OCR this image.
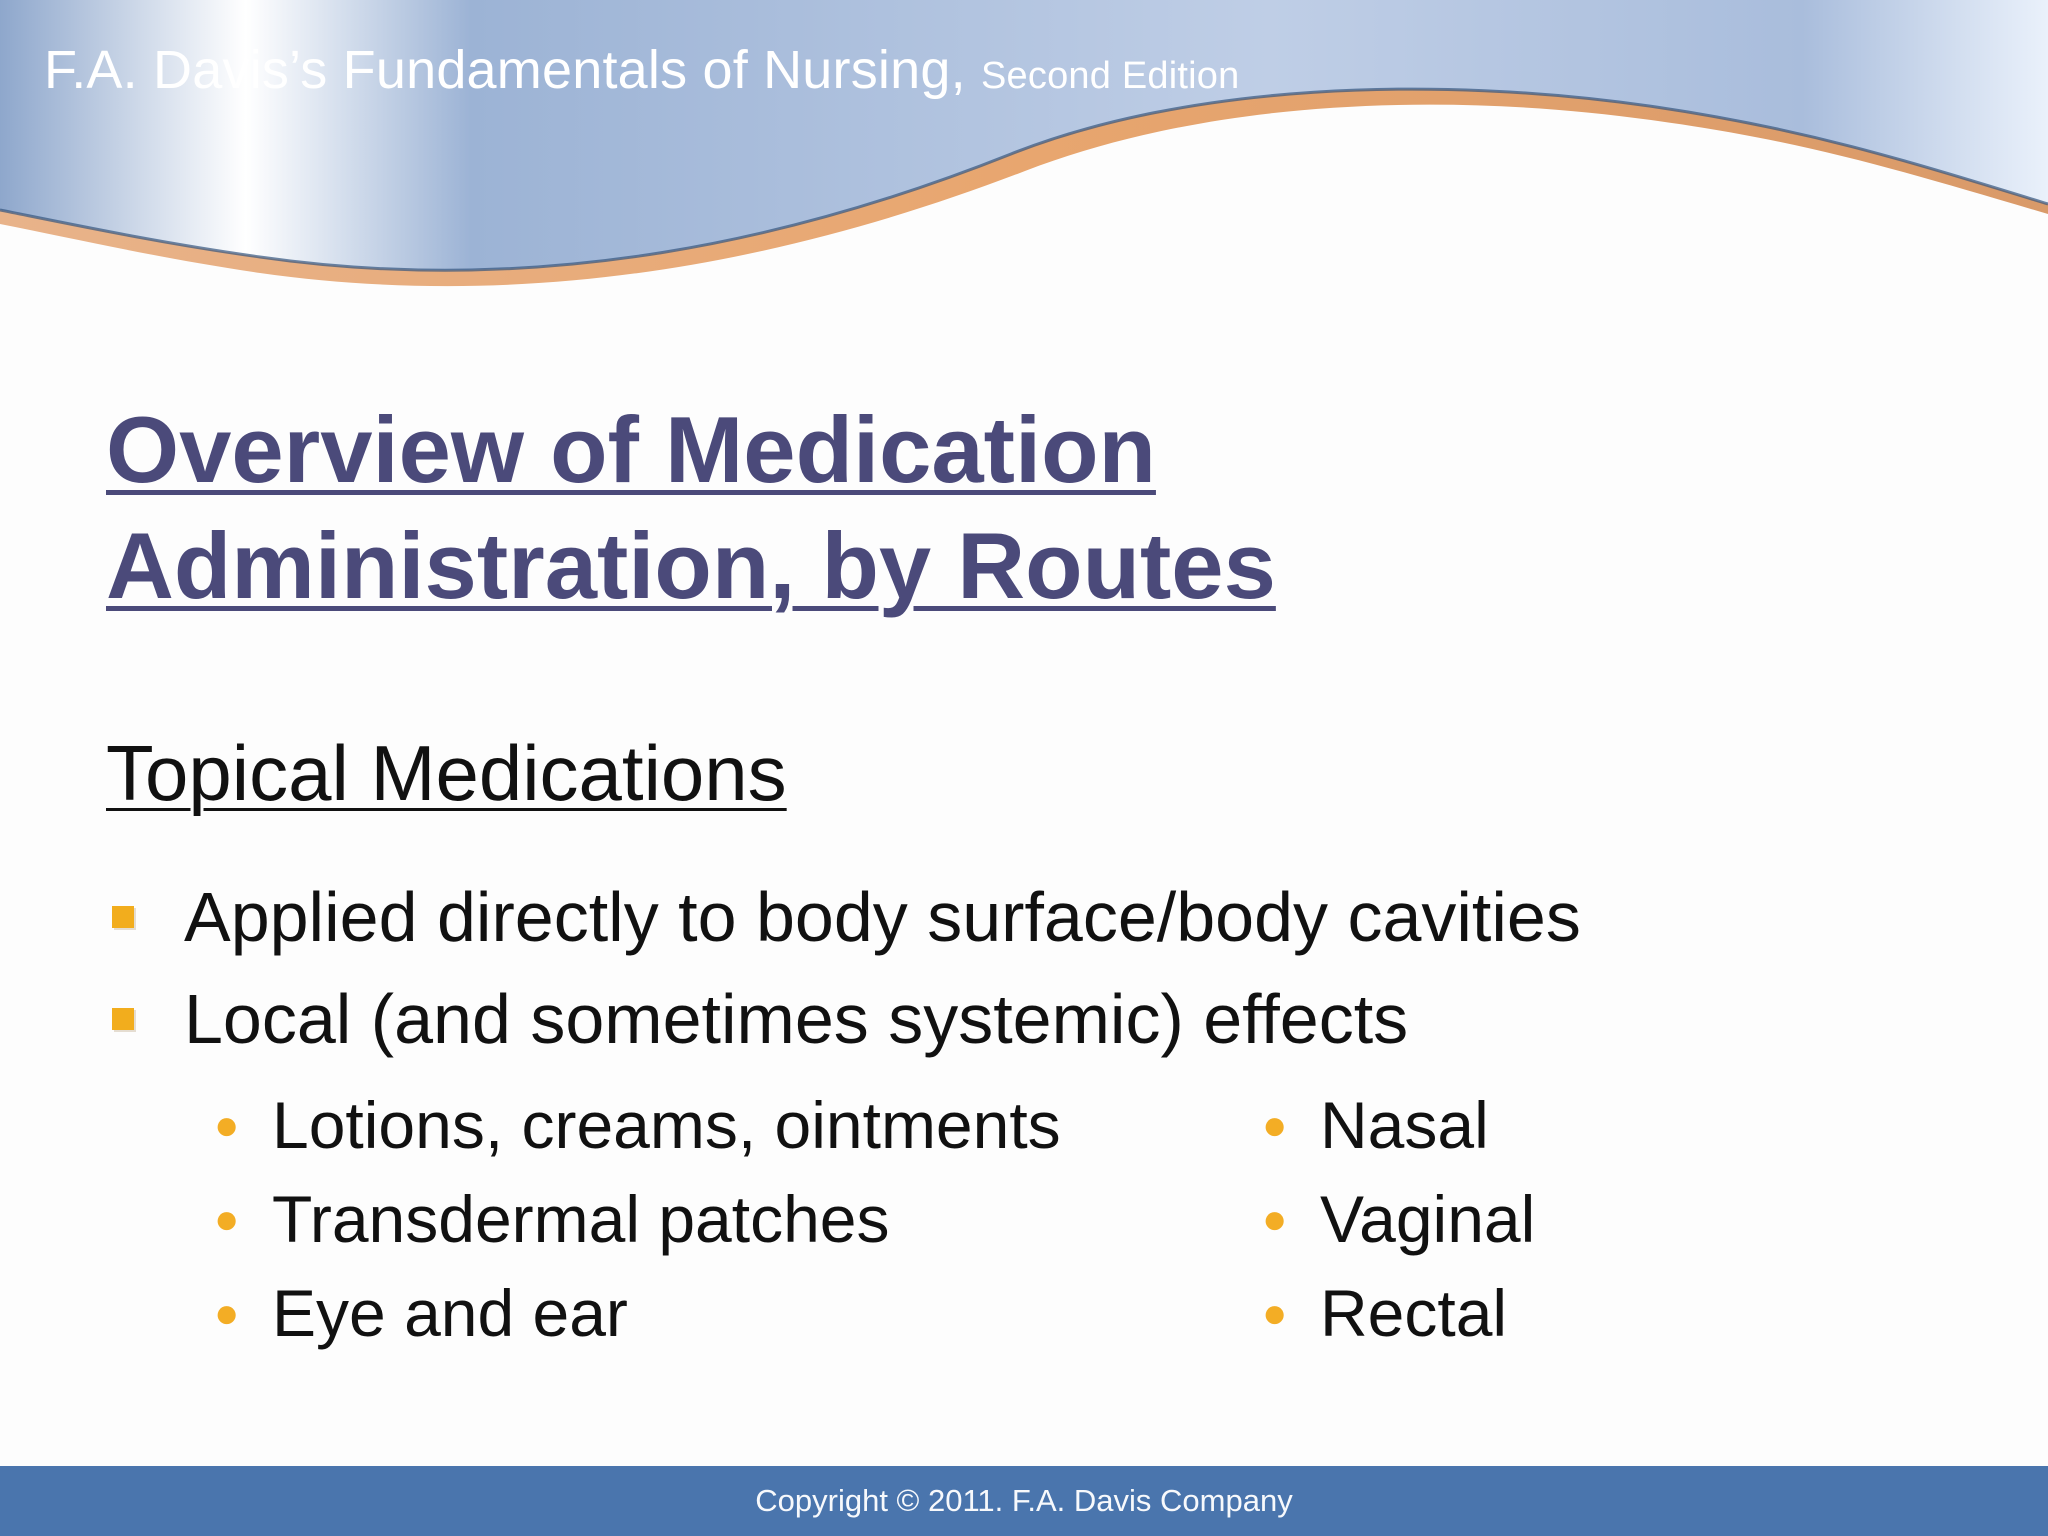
F.A. Davis’s Fundamentals of Nursing, Second Edition
Overview of Medication
Administration, by Routes
Topical Medications
Applied directly to body surface/body cavities
Local (and sometimes systemic) effects
● Lotions, creams, ointments
● Transdermal patches
● Eye and ear
● Nasal
● Vaginal
● Rectal
Copyright © 2011. F.A. Davis Company
